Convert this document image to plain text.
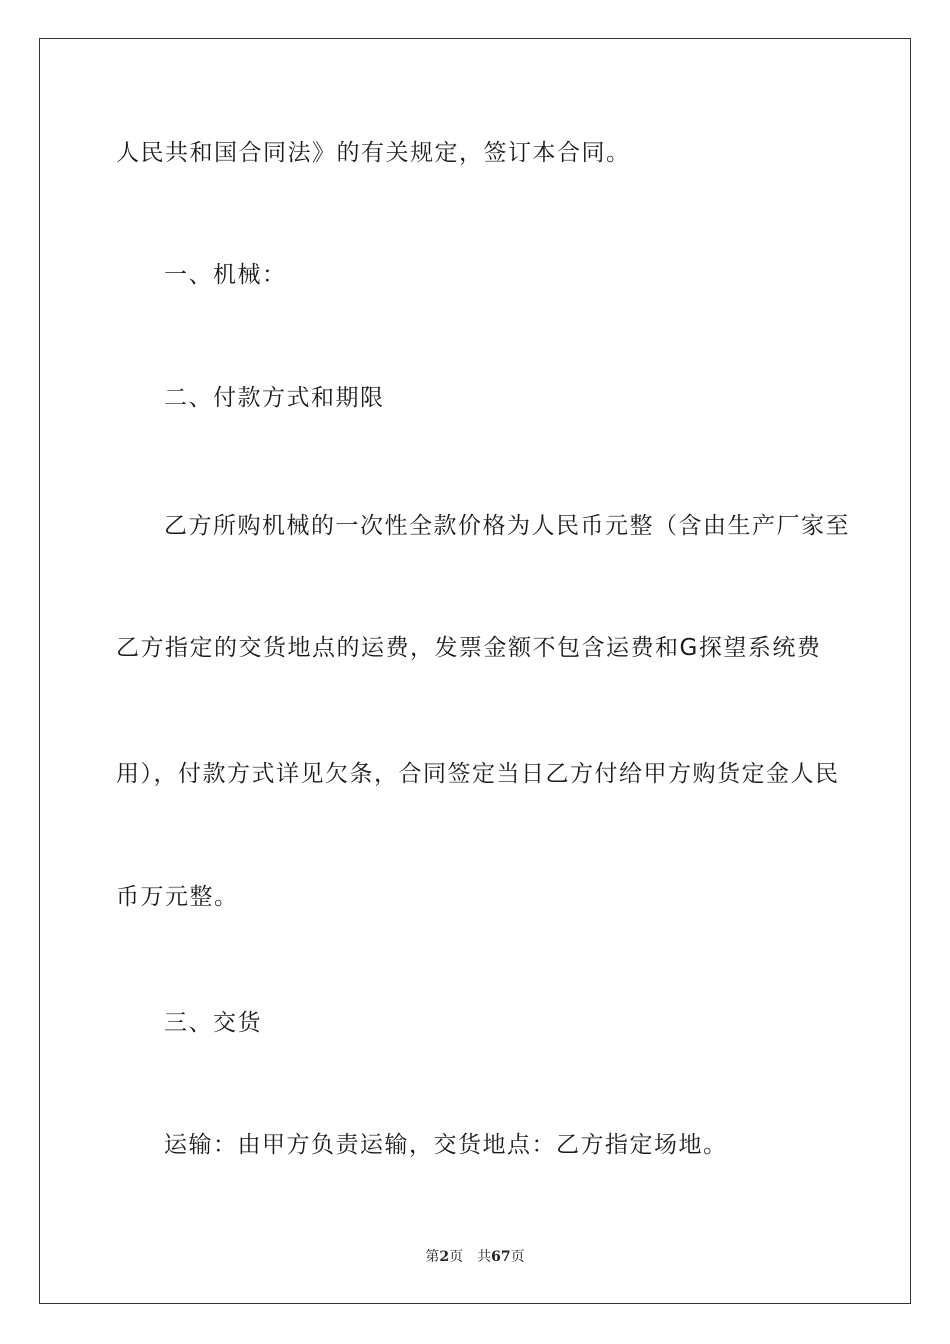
人民共和国合同法》的有关规定，签订本合同。
一、机械：
二、付款方式和期限
乙方所购机械的一次性全款价格为人民币元整（含由生产厂家至
乙方指定的交货地点的运费，发票金额不包含运费和G探望系统费
用），付款方式详见欠条，合同签定当日乙方付给甲方购货定金人民
币万元整。
三、交货
运输：由甲方负责运输，交货地点：乙方指定场地。
第2页 共67页
